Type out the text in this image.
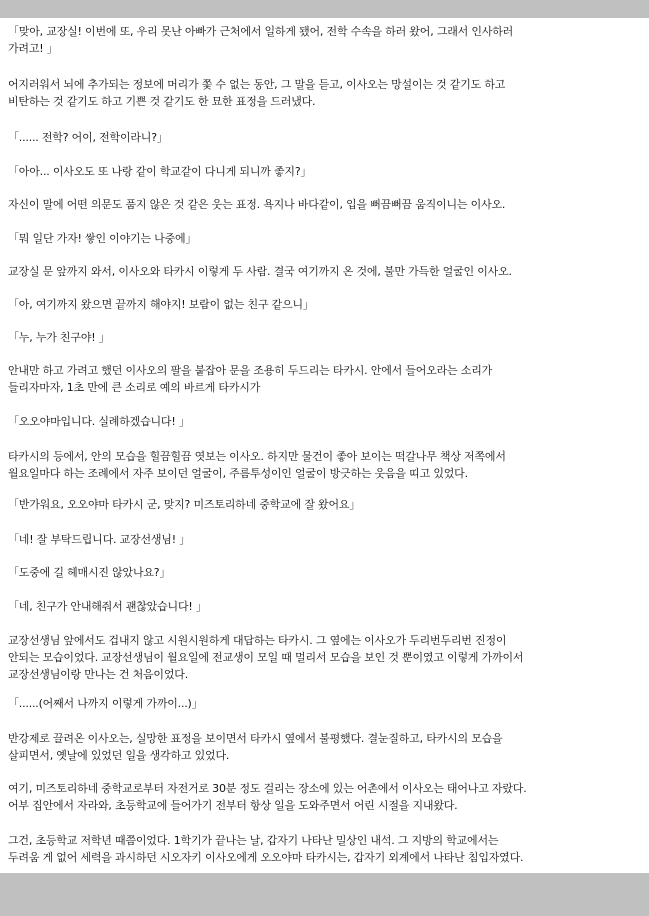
「맞아, 교장실! 이번에 또, 우리 못난 아빠가 근처에서 일하게 됐어, 전학 수속을 하러 왔어, 그래서 인사하러
가려고! 」
어지러워서 뇌에 추가되는 정보에 머리가 쫓 수 없는 동안, 그 말을 듣고, 이사오는 망설이는 것 같기도 하고
비탄하는 것 같기도 하고 기쁜 것 같기도 한 묘한 표정을 드러냈다.
「...... 전학? 어이, 전학이라니?」
「아아... 이사오도 또 나랑 같이 학교같이 다니게 되니까 좋지?」
자신이 말에 어떤 의문도 품지 않은 것 같은 웃는 표정. 욕지나 바다같이, 입을 뻐끔뻐끔 움직이니는 이사오.
「뭐 일단 가자! 쌓인 이야기는 나중에」
교장실 문 앞까지 와서, 이사오와 타카시 이렇게 두 사람. 결국 여기까지 온 것에, 불만 가득한 얼굴인 이사오.
「아, 여기까지 왔으면 끝까지 해야지! 보람이 없는 친구 같으니」
「누, 누가 친구야! 」
안내만 하고 가려고 했던 이사오의 팔을 붙잡아 문을 조용히 두드리는 타카시. 안에서 들어오라는 소리가
들리자마자, 1초 만에 큰 소리로 예의 바르게 타카시가
「오오야마입니다. 실례하겠습니다! 」
타카시의 등에서, 안의 모습을 힐끔힐끔 엿보는 이사오. 하지만 물건이 좋아 보이는 떡갈나무 책상 저쪽에서
월요일마다 하는 조례에서 자주 보이던 얼굴이, 주름투성이인 얼굴이 방긋하는 웃음을 띠고 있었다.
「반가워요, 오오야마 타카시 군, 맞지? 미즈토리하네 중학교에 잘 왔어요」
「네! 잘 부탁드립니다. 교장선생님! 」
「도중에 길 헤매시진 않았나요?」
「네, 친구가 안내해줘서 괜찮았습니다! 」
교장선생님 앞에서도 겁내지 않고 시원시원하게 대답하는 타카시. 그 옆에는 이사오가 두리번두리번 진정이
안되는 모습이었다. 교장선생님이 월요일에 전교생이 모일 때 멀리서 모습을 보인 것 뿐이였고 이렇게 가까이서
교장선생님이랑 만나는 건 처음이었다.
「......(어째서 나까지 이렇게 가까이...)」
반강제로 끌려온 이사오는, 실망한 표정을 보이면서 타카시 옆에서 불평했다. 결눈질하고, 타카시의 모습을
살피면서, 옛날에 있었던 일을 생각하고 있었다.
여기, 미즈토리하네 중학교로부터 자전거로 30분 정도 걸리는 장소에 있는 어촌에서 이사오는 태어나고 자랐다.
어부 집안에서 자라와, 초등학교에 들어가기 전부터 항상 일을 도와주면서 어린 시절을 지내왔다.
그건, 초등학교 저학년 때쯤이었다. 1학기가 끝나는 날, 갑자기 나타난 밀상인 내석. 그 지방의 학교에서는
두려움 게 없어 세력을 과시하던 시오자키 이사오에게 오오야마 타카시는, 갑자기 외계에서 나타난 침입자였다.
